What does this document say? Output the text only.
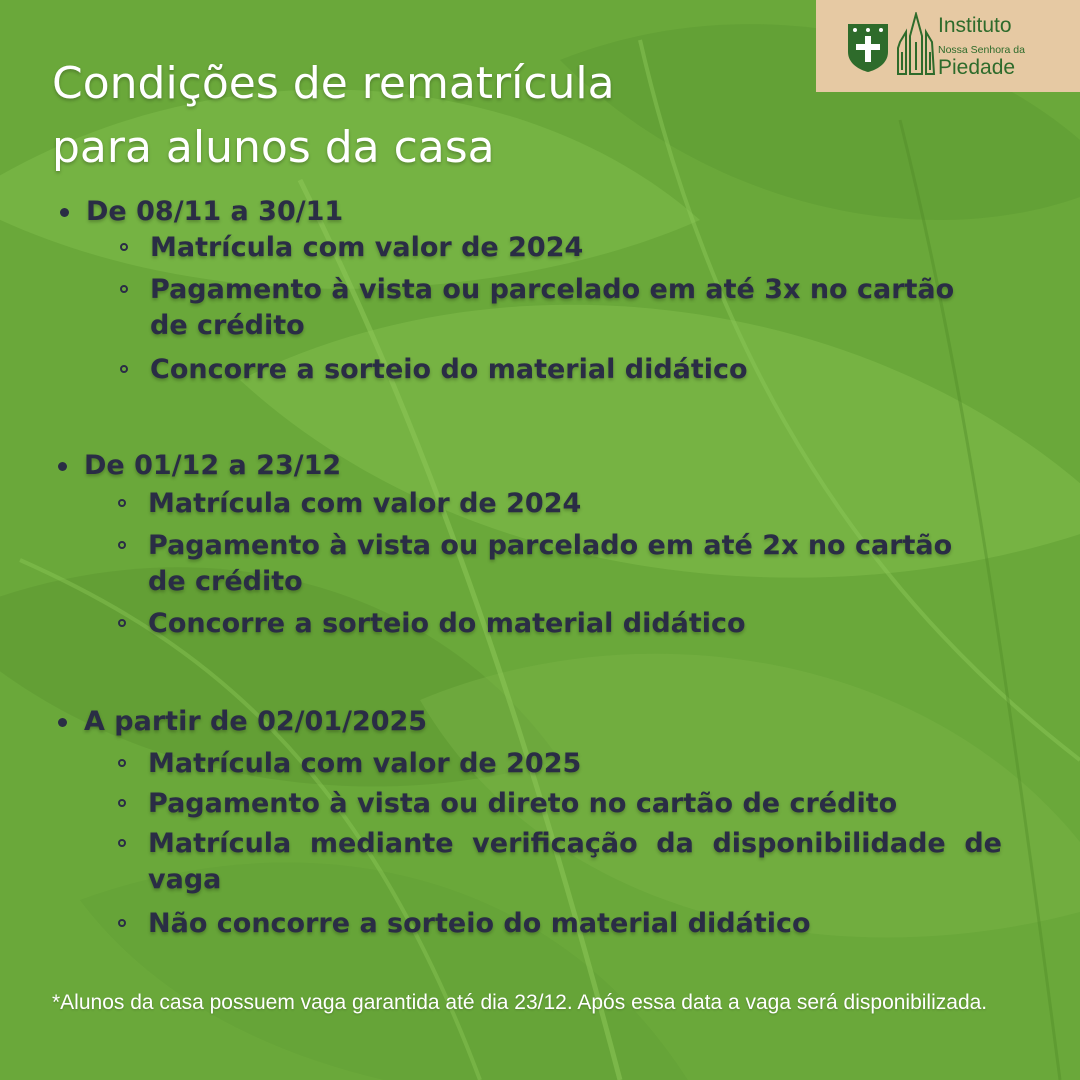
Instituto
Nossa Senhora da
Piedade
Condições de rematrícula
para alunos da casa
De 08/11 a 30/11
Matrícula com valor de 2024
Pagamento à vista ou parcelado em até 3x no cartão de crédito
Concorre a sorteio do material didático
De 01/12 a 23/12
Matrícula com valor de 2024
Pagamento à vista ou parcelado em até 2x no cartão de crédito
Concorre a sorteio do material didático
A partir de 02/01/2025
Matrícula com valor de 2025
Pagamento à vista ou direto no cartão de crédito
Matrícula mediante verificação da disponibilidade de vaga
Não concorre a sorteio do material didático
*Alunos da casa possuem vaga garantida até dia 23/12. Após essa data a vaga será disponibilizada.
